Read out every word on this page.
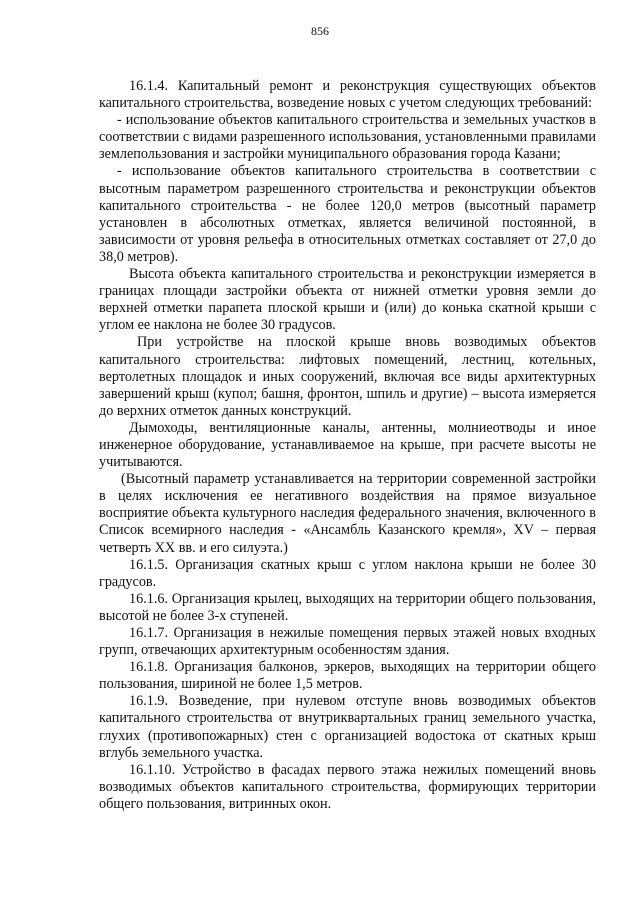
856

16.1.4. Капитальный ремонт и реконструкция существующих объектов капитального строительства, возведение новых с учетом следующих требований:

- использование объектов капитального строительства и земельных участков в соответствии с видами разрешенного использования, установленными правилами землепользования и застройки муниципального образования города Казани;

- использование объектов капитального строительства в соответствии с высотным параметром разрешенного строительства и реконструкции объектов капитального строительства - не более 120,0 метров (высотный параметр установлен в абсолютных отметках, является величиной постоянной, в зависимости от уровня рельефа в относительных отметках составляет от 27,0 до 38,0 метров).

Высота объекта капитального строительства и реконструкции измеряется в границах площади застройки объекта от нижней отметки уровня земли до верхней отметки парапета плоской крыши и (или) до конька скатной крыши с углом ее наклона не более 30 градусов.

При устройстве на плоской крыше вновь возводимых объектов капитального строительства: лифтовых помещений, лестниц, котельных, вертолетных площадок и иных сооружений, включая все виды архитектурных завершений крыш (купол; башня, фронтон, шпиль и другие) – высота измеряется до верхних отметок данных конструкций.

Дымоходы, вентиляционные каналы, антенны, молниеотводы и иное инженерное оборудование, устанавливаемое на крыше, при расчете высоты не учитываются.

(Высотный параметр устанавливается на территории современной застройки в целях исключения ее негативного воздействия на прямое визуальное восприятие объекта культурного наследия федерального значения, включенного в Список всемирного наследия - «Ансамбль Казанского кремля», XV – первая четверть XX вв. и его силуэта.)

16.1.5. Организация скатных крыш с углом наклона крыши не более 30 градусов.

16.1.6. Организация крылец, выходящих на территории общего пользования, высотой не более 3-х ступеней.

16.1.7. Организация в нежилые помещения первых этажей новых входных групп, отвечающих архитектурным особенностям здания.

16.1.8. Организация балконов, эркеров, выходящих на территории общего пользования, шириной не более 1,5 метров.

16.1.9. Возведение, при нулевом отступе вновь возводимых объектов капитального строительства от внутриквартальных границ земельного участка, глухих (противопожарных) стен с организацией водостока от скатных крыш вглубь земельного участка.

16.1.10. Устройство в фасадах первого этажа нежилых помещений вновь возводимых объектов капитального строительства, формирующих территории общего пользования, витринных окон.
